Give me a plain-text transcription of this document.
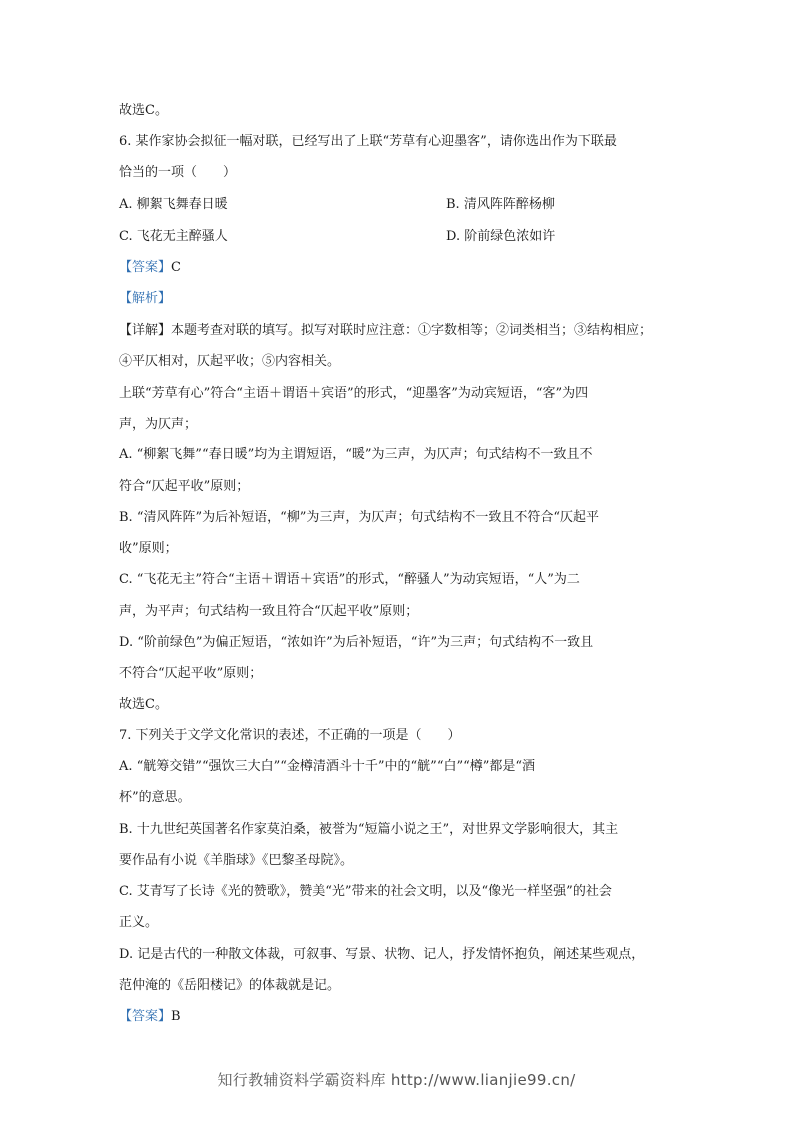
故选C。
6. 某作家协会拟征一幅对联，已经写出了上联“芳草有心迎墨客”，请你选出作为下联最
恰当的一项（　　）
A. 柳絮飞舞春日暖	B. 清风阵阵醉杨柳
C. 飞花无主醉骚人	D. 阶前绿色浓如许
【答案】C
【解析】
【详解】本题考查对联的填写。拟写对联时应注意：①字数相等；②词类相当；③结构相应；
④平仄相对，仄起平收；⑤内容相关。
上联“芳草有心”符合“主语＋谓语＋宾语”的形式，“迎墨客”为动宾短语，“客”为四
声，为仄声；
A. “柳絮飞舞”“春日暖”均为主谓短语，“暖”为三声，为仄声；句式结构不一致且不
符合“仄起平收”原则；
B. “清风阵阵”为后补短语，“柳”为三声，为仄声；句式结构不一致且不符合“仄起平
收”原则；
C. “飞花无主”符合“主语＋谓语＋宾语”的形式，“醉骚人”为动宾短语，“人”为二
声，为平声；句式结构一致且符合“仄起平收”原则；
D. “阶前绿色”为偏正短语，“浓如许”为后补短语，“许”为三声；句式结构不一致且
不符合“仄起平收”原则；
故选C。
7. 下列关于文学文化常识的表述，不正确的一项是（　　）
A. “觥筹交错”“强饮三大白”“金樽清酒斗十千”中的“觥”“白”“樽”都是“酒
杯”的意思。
B. 十九世纪英国著名作家莫泊桑，被誉为“短篇小说之王”，对世界文学影响很大，其主
要作品有小说《羊脂球》《巴黎圣母院》。
C. 艾青写了长诗《光的赞歌》，赞美“光”带来的社会文明，以及“像光一样坚强”的社会
正义。
D. 记是古代的一种散文体裁，可叙事、写景、状物、记人，抒发情怀抱负，阐述某些观点，
范仲淹的《岳阳楼记》的体裁就是记。
【答案】B
知行教辅资料学霸资料库 http://www.lianjie99.cn/
